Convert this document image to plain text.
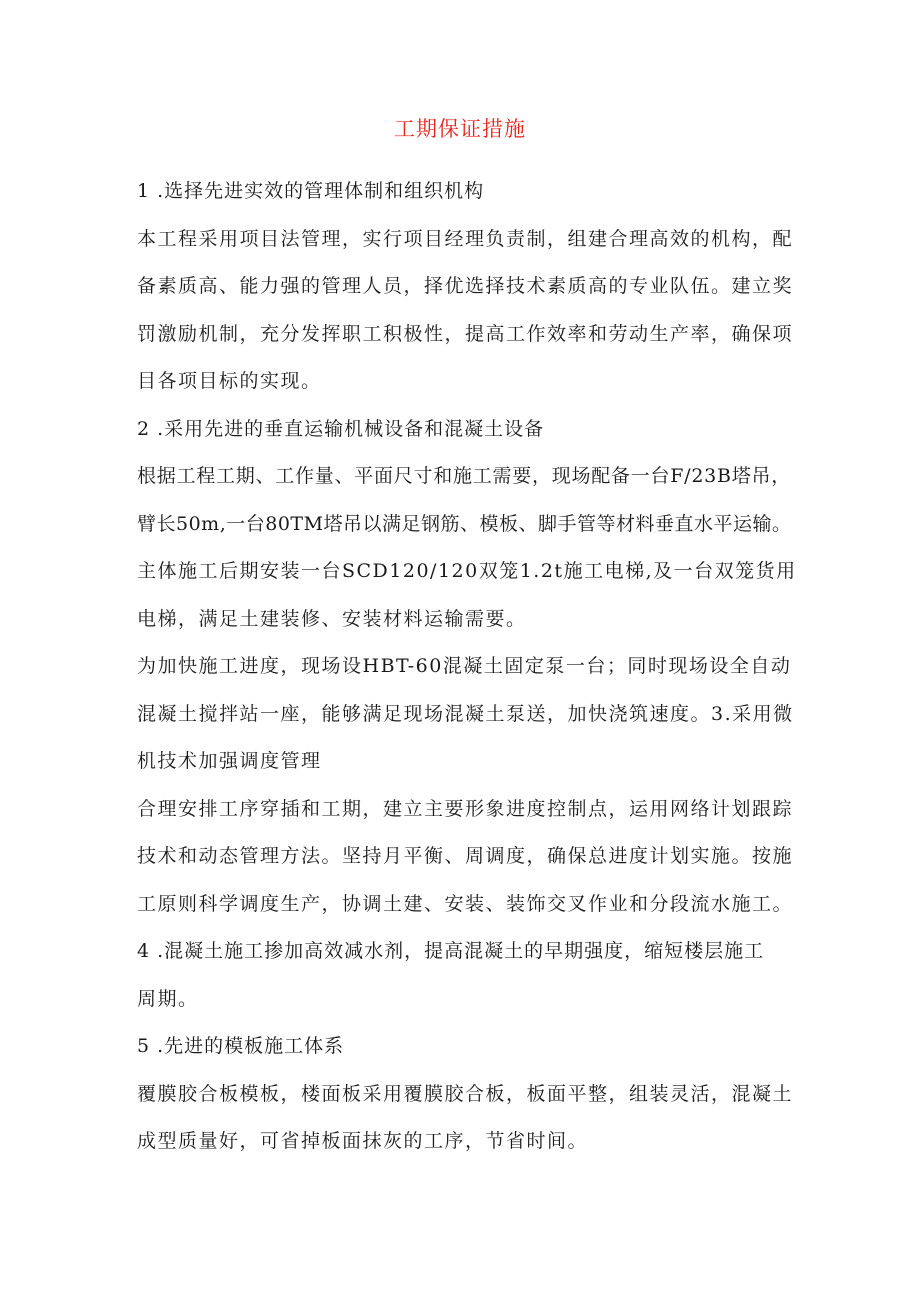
工期保证措施
1 .选择先进实效的管理体制和组织机构
本工程采用项目法管理，实行项目经理负责制，组建合理高效的机构，配
备素质高、能力强的管理人员，择优选择技术素质高的专业队伍。建立奖
罚激励机制，充分发挥职工积极性，提高工作效率和劳动生产率，确保项
目各项目标的实现。
2 .采用先进的垂直运输机械设备和混凝土设备
根据工程工期、工作量、平面尺寸和施工需要，现场配备一台F/23B塔吊，
臂长50m,一台80TM塔吊以满足钢筋、模板、脚手管等材料垂直水平运输。
主体施工后期安装一台SCD120/120双笼1.2t施工电梯,及一台双笼货用
电梯，满足土建装修、安装材料运输需要。
为加快施工进度，现场设HBT-60混凝土固定泵一台；同时现场设全自动
混凝土搅拌站一座，能够满足现场混凝土泵送，加快浇筑速度。3.采用微
机技术加强调度管理
合理安排工序穿插和工期，建立主要形象进度控制点，运用网络计划跟踪
技术和动态管理方法。坚持月平衡、周调度，确保总进度计划实施。按施
工原则科学调度生产，协调土建、安装、装饰交叉作业和分段流水施工。
4 .混凝土施工掺加高效减水剂，提高混凝土的早期强度，缩短楼层施工
周期。
5 .先进的模板施工体系
覆膜胶合板模板，楼面板采用覆膜胶合板，板面平整，组装灵活，混凝土
成型质量好，可省掉板面抹灰的工序，节省时间。
